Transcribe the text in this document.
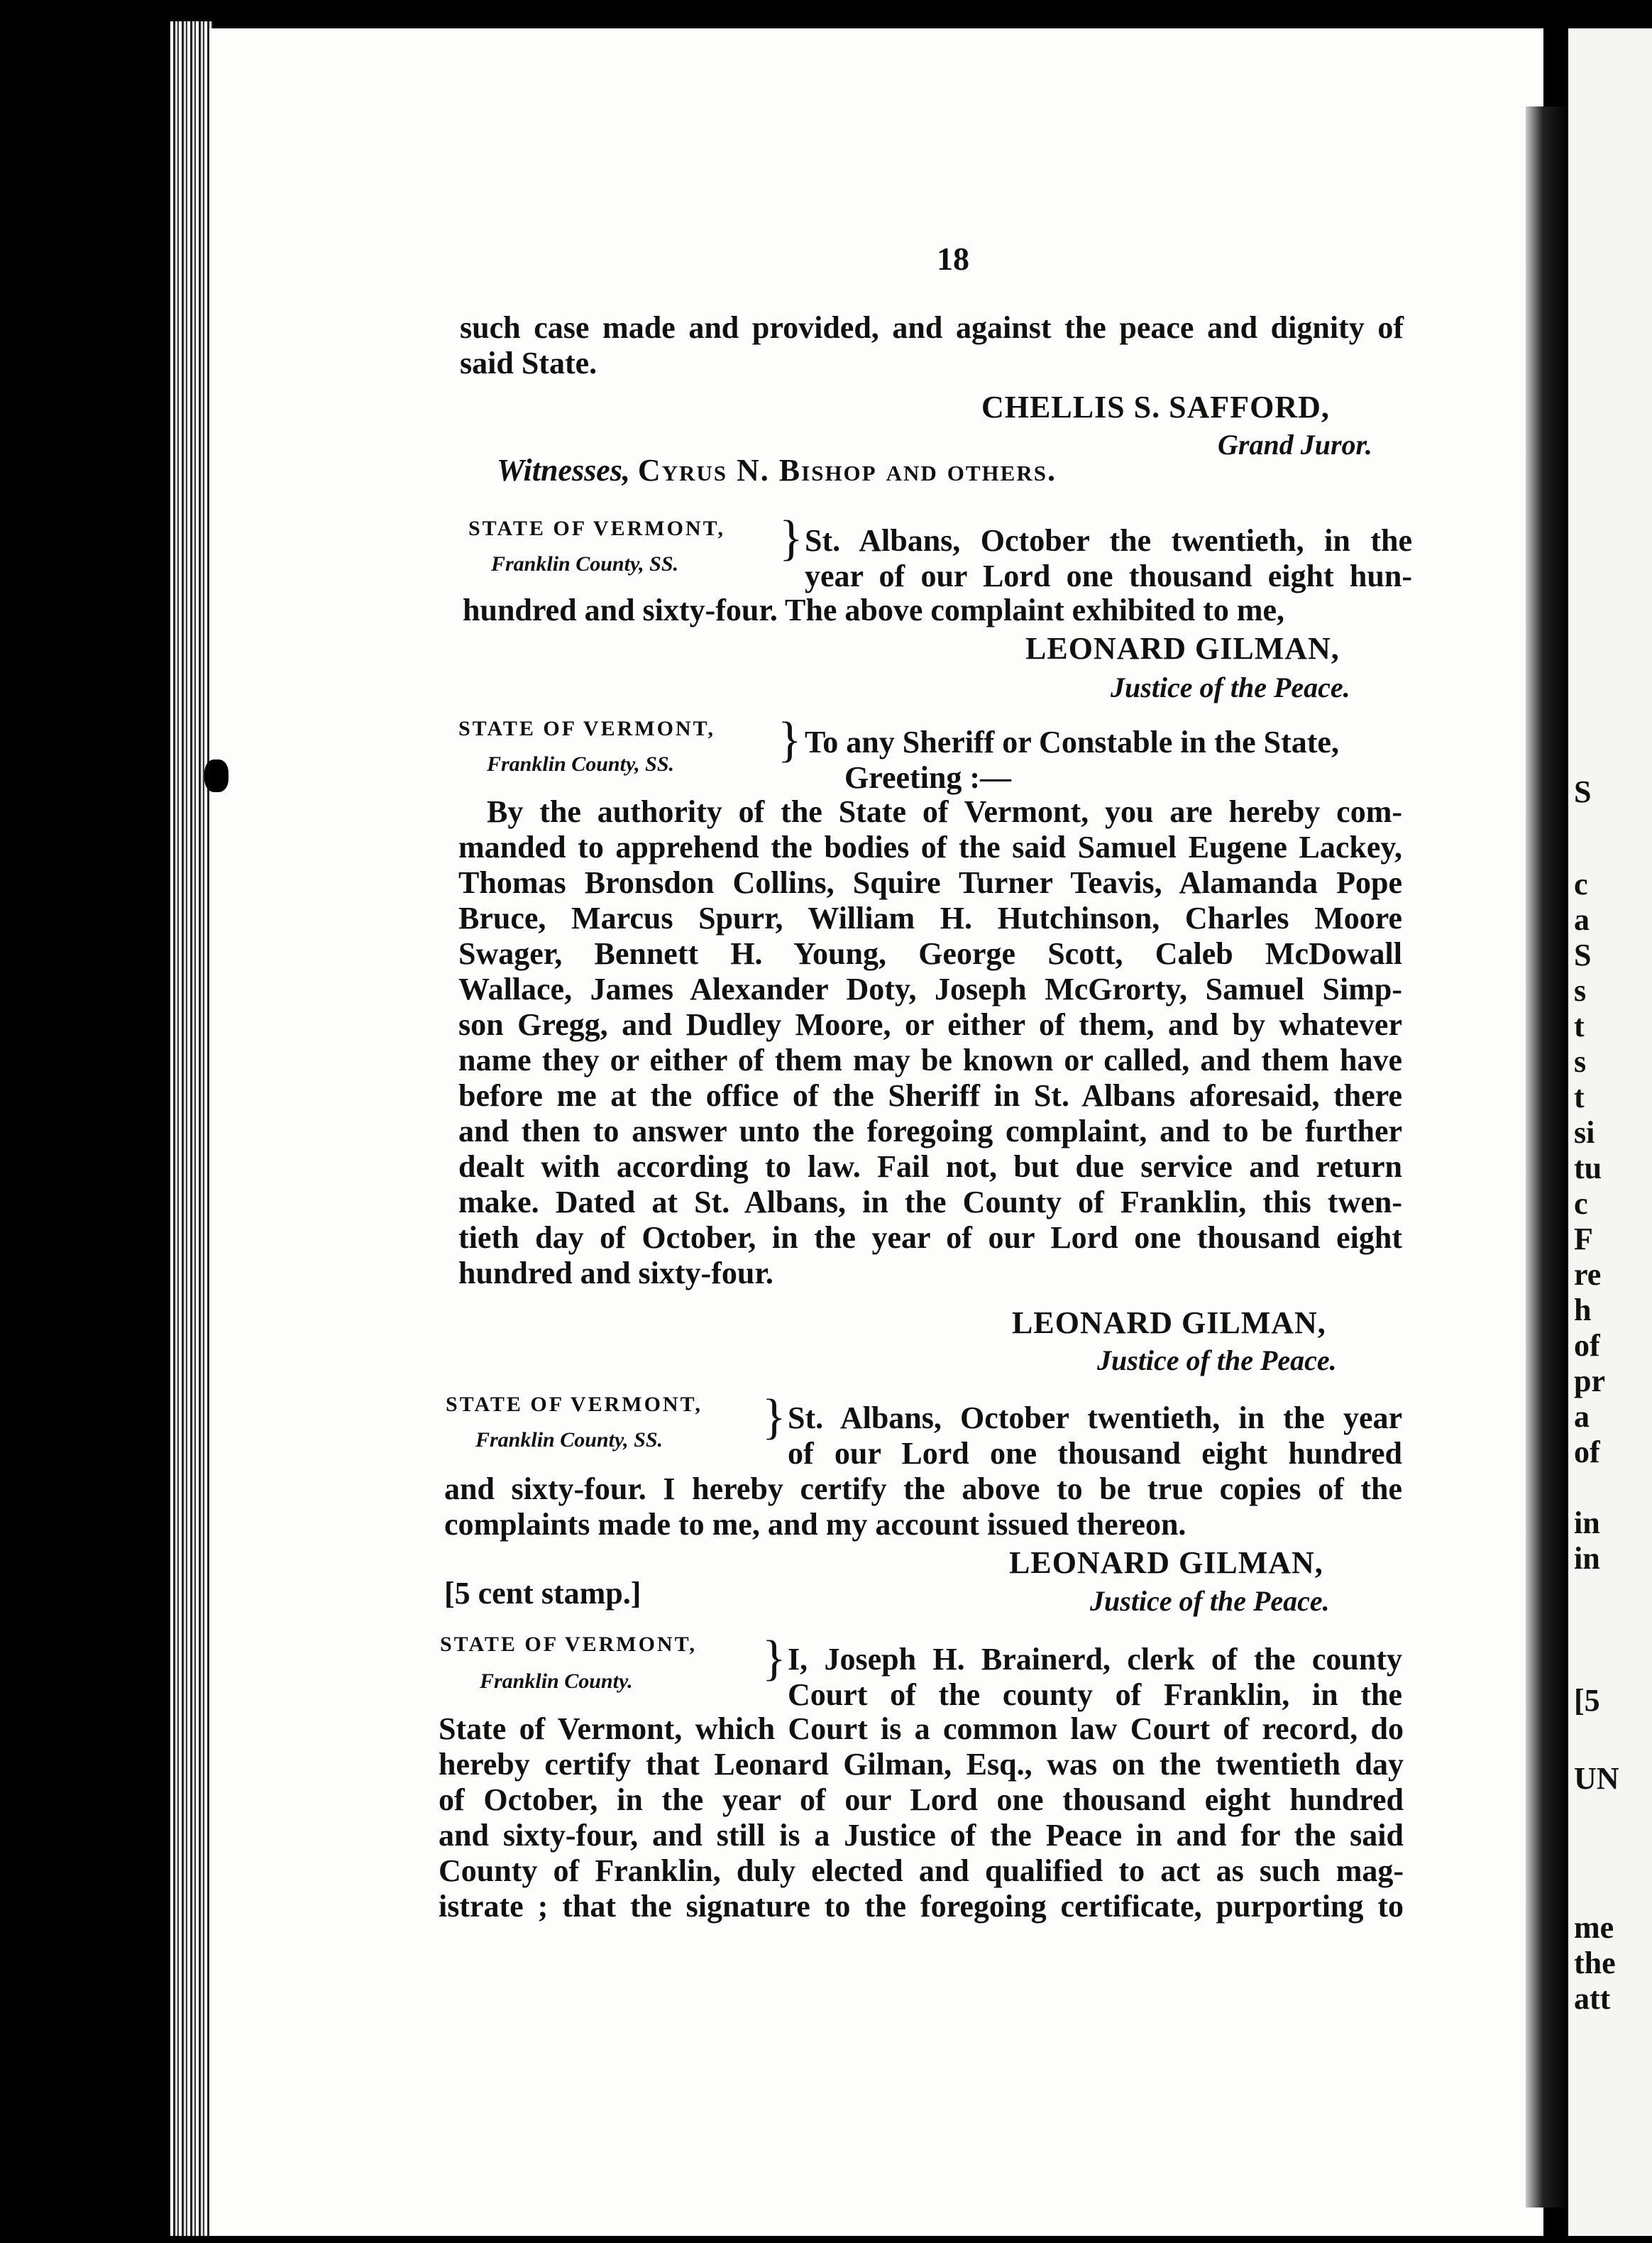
S
c
a
S
s
t
s
t
si
tu
c
F
re
h
of
pr
a
of
in
in
[5
UN
me
the
att
18
such case made and provided, and against the peace and dignity of
said State.
CHELLIS S. SAFFORD,
Grand Juror.
Witnesses, Cyrus N. Bishop and others.
STATE OF VERMONT,
Franklin County, SS. } St. Albans, October the twentieth, in the
year of our Lord one thousand eight hun-
hundred and sixty-four. The above complaint exhibited to me,
LEONARD GILMAN,
Justice of the Peace.
STATE OF VERMONT,
Franklin County, SS. } To any Sheriff or Constable in the State,
Greeting :—
By the authority of the State of Vermont, you are hereby com-
manded to apprehend the bodies of the said Samuel Eugene Lackey,
Thomas Bronsdon Collins, Squire Turner Teavis, Alamanda Pope
Bruce, Marcus Spurr, William H. Hutchinson, Charles Moore
Swager, Bennett H. Young, George Scott, Caleb McDowall
Wallace, James Alexander Doty, Joseph McGrorty, Samuel Simp-
son Gregg, and Dudley Moore, or either of them, and by whatever
name they or either of them may be known or called, and them have
before me at the office of the Sheriff in St. Albans aforesaid, there
and then to answer unto the foregoing complaint, and to be further
dealt with according to law. Fail not, but due service and return
make. Dated at St. Albans, in the County of Franklin, this twen-
tieth day of October, in the year of our Lord one thousand eight
hundred and sixty-four.
LEONARD GILMAN,
Justice of the Peace.
STATE OF VERMONT,
Franklin County, SS. } St. Albans, October twentieth, in the year
of our Lord one thousand eight hundred
and sixty-four. I hereby certify the above to be true copies of the
complaints made to me, and my account issued thereon.
LEONARD GILMAN,
[5 cent stamp.]	Justice of the Peace.
STATE OF VERMONT,
Franklin County.	} I, Joseph H. Brainerd, clerk of the county
Court of the county of Franklin, in the
State of Vermont, which Court is a common law Court of record, do
hereby certify that Leonard Gilman, Esq., was on the twentieth day
of October, in the year of our Lord one thousand eight hundred
and sixty-four, and still is a Justice of the Peace in and for the said
County of Franklin, duly elected and qualified to act as such mag-
istrate ; that the signature to the foregoing certificate, purporting to
